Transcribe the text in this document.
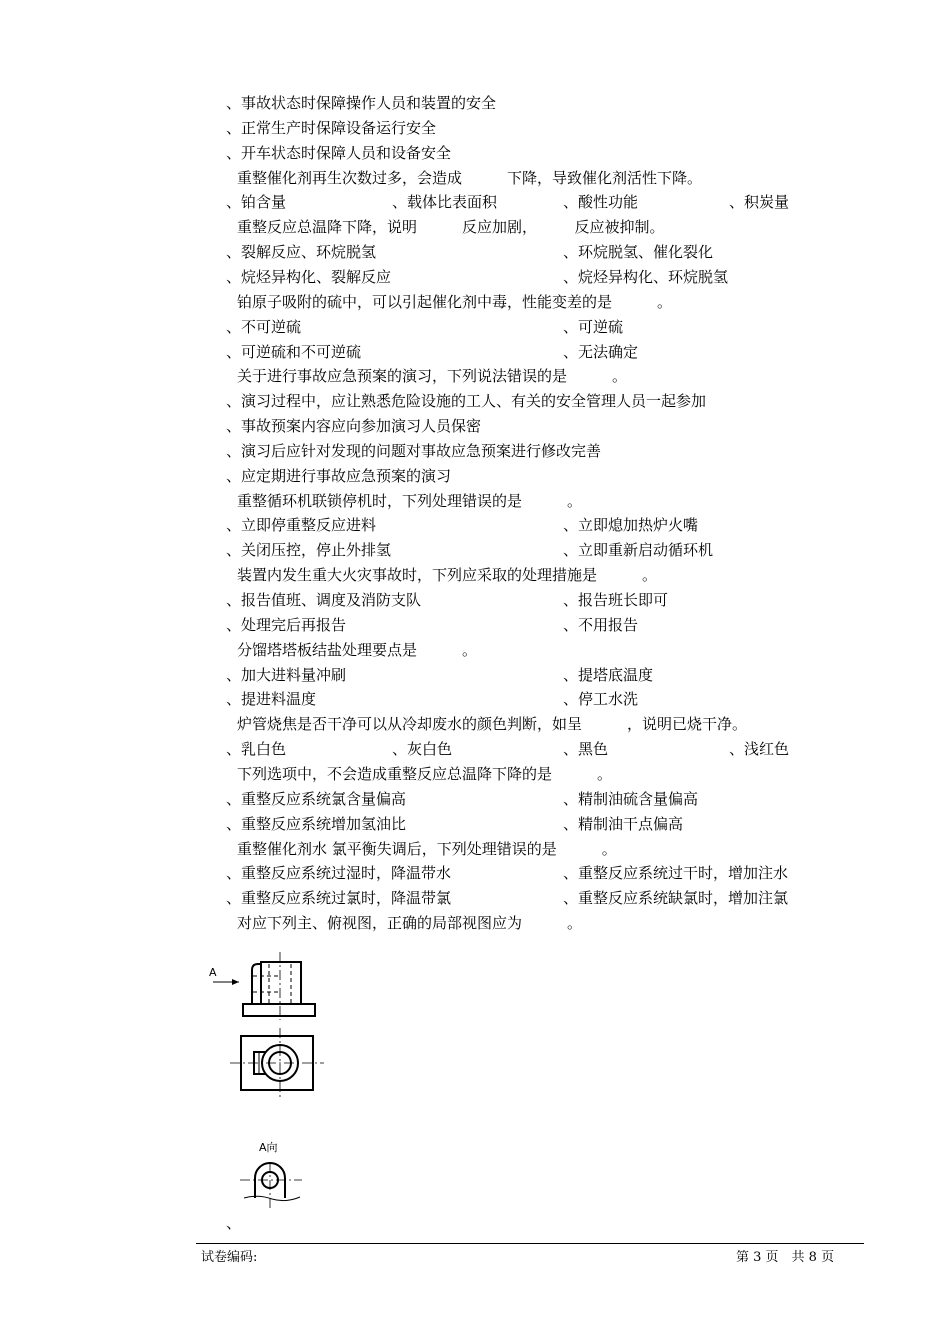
、事故状态时保障操作人员和装置的安全
、正常生产时保障设备运行安全
、开车状态时保障人员和设备安全
重整催化剂再生次数过多，会造成　　　下降，导致催化剂活性下降。
、铂含量	、载体比表面积	、酸性功能	、积炭量
重整反应总温降下降，说明　　　反应加剧，　　　反应被抑制。
、裂解反应、环烷脱氢	、环烷脱氢、催化裂化
、烷烃异构化、裂解反应	、烷烃异构化、环烷脱氢
铂原子吸附的硫中，可以引起催化剂中毒，性能变差的是　　　。
、不可逆硫	、可逆硫
、可逆硫和不可逆硫	、无法确定
关于进行事故应急预案的演习，下列说法错误的是　　　。
、演习过程中，应让熟悉危险设施的工人、有关的安全管理人员一起参加
、事故预案内容应向参加演习人员保密
、演习后应针对发现的问题对事故应急预案进行修改完善
、应定期进行事故应急预案的演习
重整循环机联锁停机时，下列处理错误的是　　　。
、立即停重整反应进料	、立即熄加热炉火嘴
、关闭压控，停止外排氢	、立即重新启动循环机
装置内发生重大火灾事故时，下列应采取的处理措施是　　　。
、报告值班、调度及消防支队	、报告班长即可
、处理完后再报告	、不用报告
分馏塔塔板结盐处理要点是　　　。
、加大进料量冲刷	、提塔底温度
、提进料温度	、停工水洗
炉管烧焦是否干净可以从冷却废水的颜色判断，如呈　　　，说明已烧干净。
、乳白色	、灰白色	、黑色	、浅红色
下列选项中，不会造成重整反应总温降下降的是　　　。
、重整反应系统氯含量偏高	、精制油硫含量偏高
、重整反应系统增加氢油比	、精制油干点偏高
重整催化剂水 氯平衡失调后，下列处理错误的是　　　。
、重整反应系统过湿时，降温带水	、重整反应系统过干时，增加注水
、重整反应系统过氯时，降温带氯	、重整反应系统缺氯时，增加注氯
对应下列主、俯视图，正确的局部视图应为　　　。
A
A向
、
试卷编码:	第 3 页　共 8 页
